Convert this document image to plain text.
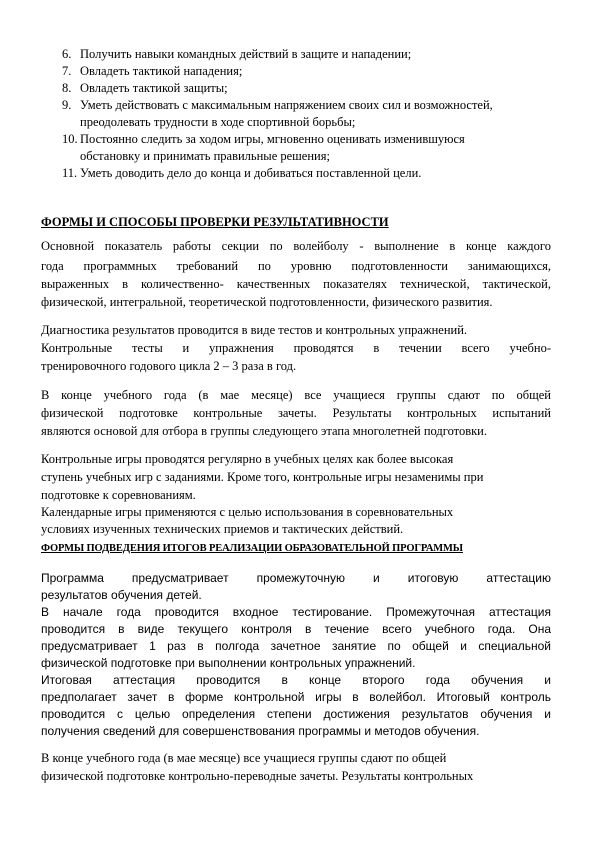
6. Получить навыки командных действий в защите и нападении;
7. Овладеть тактикой нападения;
8. Овладеть тактикой защиты;
9. Уметь действовать с максимальным напряжением своих сил и возможностей,
преодолевать трудности в ходе спортивной борьбы;
10. Постоянно следить за ходом игры, мгновенно оценивать изменившуюся
обстановку и принимать правильные решения;
11. Уметь доводить дело до конца и добиваться поставленной цели.
ФОРМЫ И СПОСОБЫ ПРОВЕРКИ РЕЗУЛЬТАТИВНОСТИ
Основной показатель работы секции по волейболу - выполнение в конце каждого
года программных требований по уровню подготовленности занимающихся,
выраженных в количественно- качественных показателях технической, тактической,
физической, интегральной, теоретической подготовленности, физического развития.
Диагностика результатов проводится в виде тестов и контрольных упражнений.
Контрольные тесты и упражнения проводятся в течении всего учебно-
тренировочного годового цикла 2 – 3 раза в год.
В конце учебного года (в мае месяце) все учащиеся группы сдают по общей
физической подготовке контрольные зачеты. Результаты контрольных испытаний
являются основой для отбора в группы следующего этапа многолетней подготовки.
Контрольные игры проводятся регулярно в учебных целях как более высокая
ступень учебных игр с заданиями. Кроме того, контрольные игры незаменимы при
подготовке к соревнованиям.
Календарные игры применяются с целью использования в соревновательных
условиях изученных технических приемов и тактических действий.
ФОРМЫ ПОДВЕДЕНИЯ ИТОГОВ РЕАЛИЗАЦИИ ОБРАЗОВАТЕЛЬНОЙ ПРОГРАММЫ
Программа предусматривает промежуточную и итоговую аттестацию
результатов обучения детей.
В начале года проводится входное тестирование. Промежуточная аттестация
проводится в виде текущего контроля в течение всего учебного года. Она
предусматривает 1 раз в полгода зачетное занятие по общей и специальной
физической подготовке при выполнении контрольных упражнений.
Итоговая аттестация проводится в конце второго года обучения и
предполагает зачет в форме контрольной игры в волейбол. Итоговый контроль
проводится с целью определения степени достижения результатов обучения и
получения сведений для совершенствования программы и методов обучения.
В конце учебного года (в мае месяце) все учащиеся группы сдают по общей
физической подготовке контрольно-переводные зачеты. Результаты контрольных
